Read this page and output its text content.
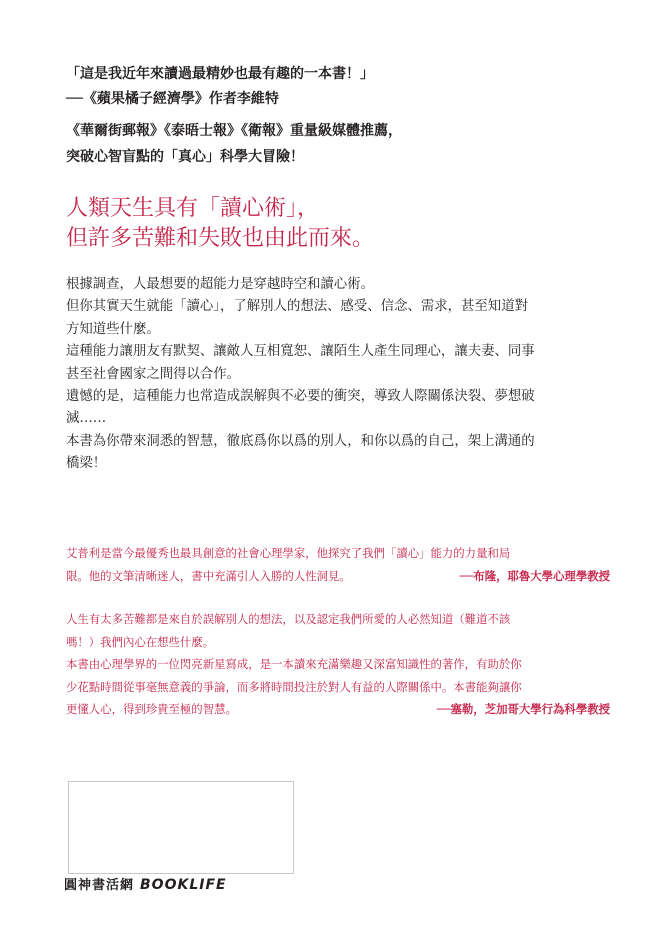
「這是我近年來讀過最精妙也最有趣的一本書！」
──《蘋果橘子經濟學》作者李維特
《華爾街郵報》《泰晤士報》《衛報》重量級媒體推薦，
突破心智盲點的「真心」科學大冒險！
人類天生具有「讀心術」，
但許多苦難和失敗也由此而來。
根據調查，人最想要的超能力是穿越時空和讀心術。
但你其實天生就能「讀心」，了解別人的想法、感受、信念、需求，甚至知道對
方知道些什麼。
這種能力讓朋友有默契、讓敵人互相寬恕、讓陌生人產生同理心，讓夫妻、同事
甚至社會國家之間得以合作。
遺憾的是，這種能力也常造成誤解與不必要的衝突，導致人際關係決裂、夢想破
滅……
本書為你帶來洞悉的智慧，徹底爲你以爲的別人，和你以爲的自己，架上溝通的
橋梁！
艾普利是當今最優秀也最具創意的社會心理學家，他探究了我們「讀心」能力的力量和局
限。他的文筆清晰迷人，書中充滿引人入勝的人性洞見。	──布隆，耶魯大學心理學教授
人生有太多苦難都是來自於誤解別人的想法，以及認定我們所愛的人必然知道（難道不該
嗎！）我們內心在想些什麼。
本書由心理學界的一位閃亮新星寫成，是一本讀來充滿樂趣又深富知識性的著作，有助於你
少花點時間從事毫無意義的爭論，而多將時間投注於對人有益的人際關係中。本書能夠讓你
更懂人心，得到珍貴至極的智慧。	──塞勒，芝加哥大學行為科學教授
圓神書活網 BOOKLIFE
